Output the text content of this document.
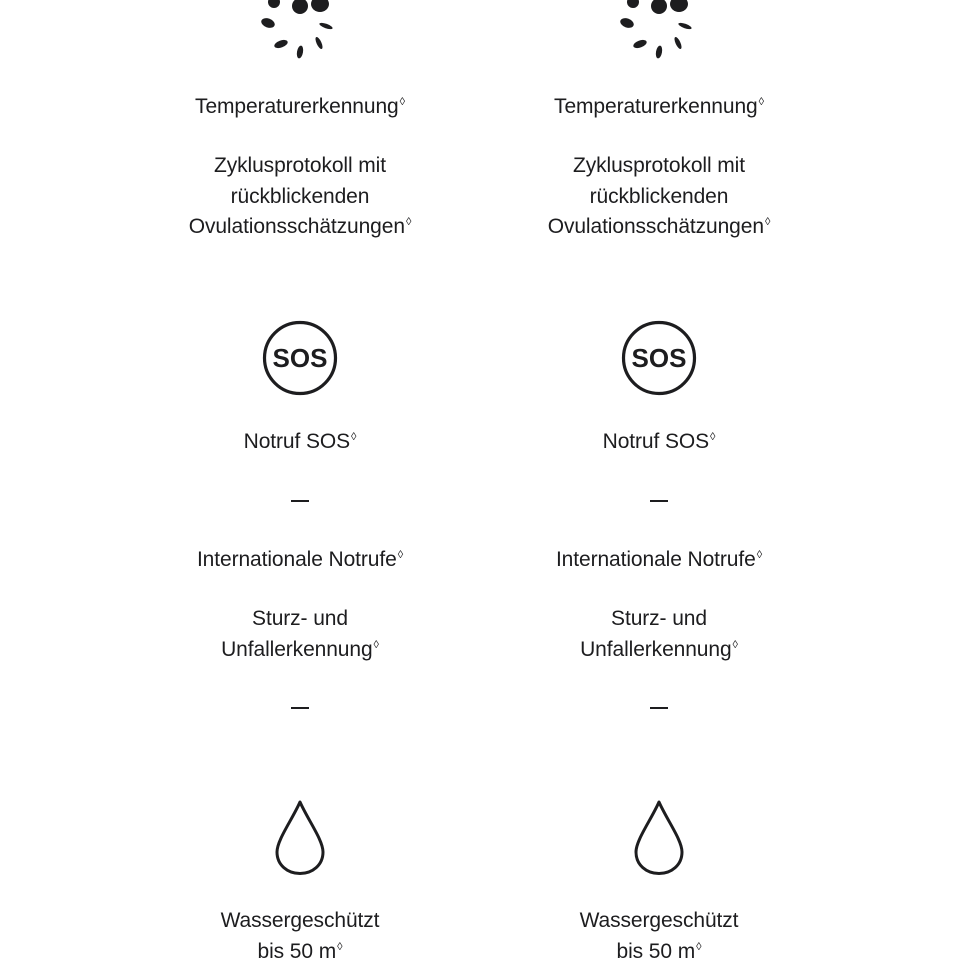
Temperaturerkennung◊
Zyklusprotokoll mit
rückblickenden
Ovulationsschätzungen◊
SOS
Notruf SOS◊
Internationale Notrufe◊
Sturz- und
Unfallerkennung◊
Wassergeschützt
bis 50 m◊
Temperaturerkennung◊
Zyklusprotokoll mit
rückblickenden
Ovulationsschätzungen◊
SOS
Notruf SOS◊
Internationale Notrufe◊
Sturz- und
Unfallerkennung◊
Wassergeschützt
bis 50 m◊
